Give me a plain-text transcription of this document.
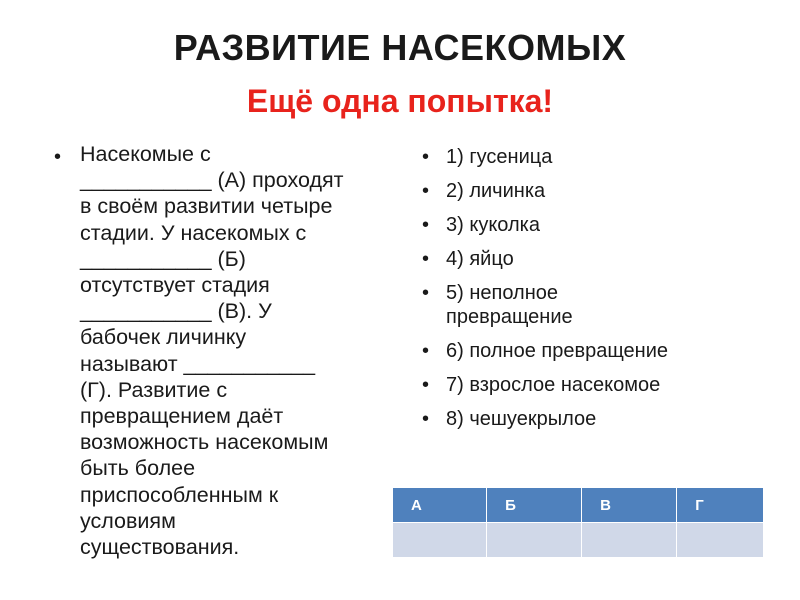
РАЗВИТИЕ НАСЕКОМЫХ
Ещё одна попытка!
• Насекомые с
___________ (А) проходят
в своём развитии четыре
стадии. У насекомых с
___________ (Б)
отсутствует стадия
___________ (В). У
бабочек личинку
называют ___________
(Г). Развитие с
превращением даёт
возможность насекомым
быть более
приспособленным к
условиям
существования.
• 1) гусеница
• 2) личинка
• 3) куколка
• 4) яйцо
• 5) неполное
превращение
• 6) полное превращение
• 7) взрослое насекомое
• 8) чешуекрылое
А	Б	В	Г
